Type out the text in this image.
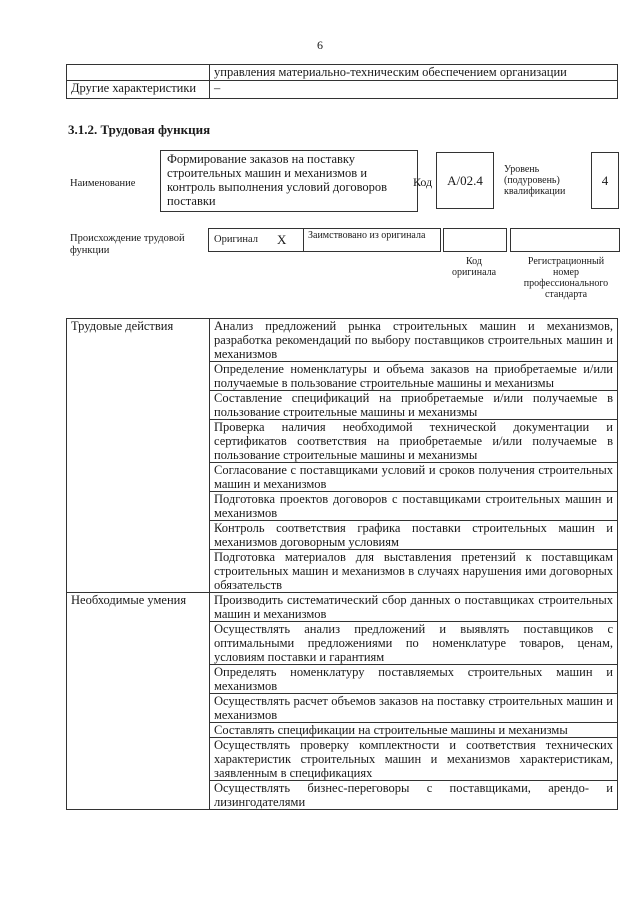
6
	управления материально-техническим обеспечением организации
Другие характеристики	–
3.1.2. Трудовая функция
Наименование
Формирование заказов на поставку строительных машин и механизмов и контроль выполнения условий договоров поставки
Код	А/02.4
Уровень (подуровень) квалификации
4
Происхождение трудовой функции
Оригинал X Заимствовано из оригинала
Код оригинала
Регистрационный номер профессионального стандарта
Трудовые действия	Анализ предложений рынка строительных машин и механизмов, разработка рекомендаций по выбору поставщиков строительных машин и механизмов
	Определение номенклатуры и объема заказов на приобретаемые и/или получаемые в пользование строительные машины и механизмы
	Составление спецификаций на приобретаемые и/или получаемые в пользование строительные машины и механизмы
	Проверка наличия необходимой технической документации и сертификатов соответствия на приобретаемые и/или получаемые в пользование строительные машины и механизмы
	Согласование с поставщиками условий и сроков получения строительных машин и механизмов
	Подготовка проектов договоров с поставщиками строительных машин и механизмов
	Контроль соответствия графика поставки строительных машин и механизмов договорным условиям
	Подготовка материалов для выставления претензий к поставщикам строительных машин и механизмов в случаях нарушения ими договорных обязательств
Необходимые умения	Производить систематический сбор данных о поставщиках строительных машин и механизмов
	Осуществлять анализ предложений и выявлять поставщиков с оптимальными предложениями по номенклатуре товаров, ценам, условиям поставки и гарантиям
	Определять номенклатуру поставляемых строительных машин и механизмов
	Осуществлять расчет объемов заказов на поставку строительных машин и механизмов
	Составлять спецификации на строительные машины и механизмы
	Осуществлять проверку комплектности и соответствия технических характеристик строительных машин и механизмов характеристикам, заявленным в спецификациях
	Осуществлять бизнес-переговоры с поставщиками, арендо- и лизингодателями
